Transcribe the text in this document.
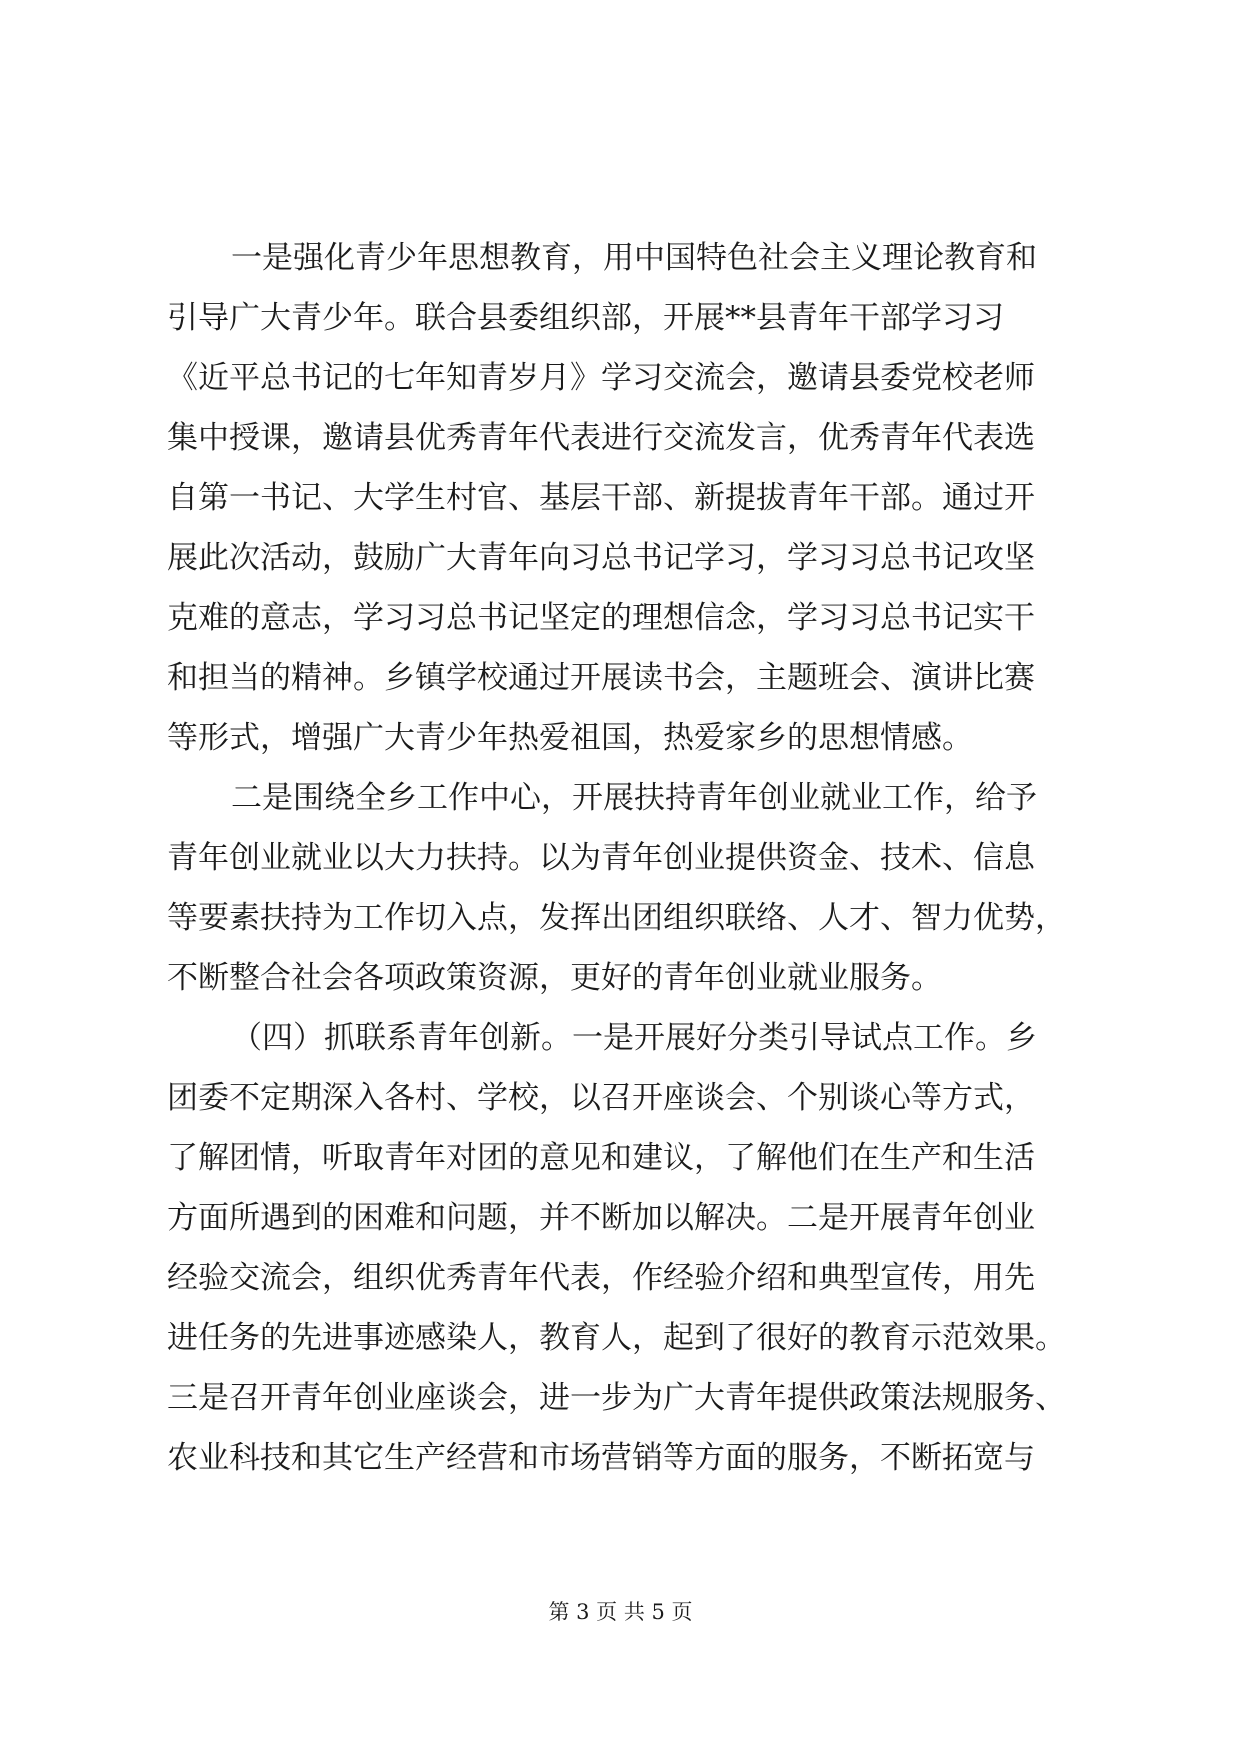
一是强化青少年思想教育，用中国特色社会主义理论教育和
引导广大青少年。联合县委组织部，开展**县青年干部学习习
《近平总书记的七年知青岁月》学习交流会，邀请县委党校老师
集中授课，邀请县优秀青年代表进行交流发言，优秀青年代表选
自第一书记、大学生村官、基层干部、新提拔青年干部。通过开
展此次活动，鼓励广大青年向习总书记学习，学习习总书记攻坚
克难的意志，学习习总书记坚定的理想信念，学习习总书记实干
和担当的精神。乡镇学校通过开展读书会，主题班会、演讲比赛
等形式，增强广大青少年热爱祖国，热爱家乡的思想情感。
二是围绕全乡工作中心，开展扶持青年创业就业工作，给予
青年创业就业以大力扶持。以为青年创业提供资金、技术、信息
等要素扶持为工作切入点，发挥出团组织联络、人才、智力优势，
不断整合社会各项政策资源，更好的青年创业就业服务。
（四）抓联系青年创新。一是开展好分类引导试点工作。乡
团委不定期深入各村、学校，以召开座谈会、个别谈心等方式，
了解团情，听取青年对团的意见和建议，了解他们在生产和生活
方面所遇到的困难和问题，并不断加以解决。二是开展青年创业
经验交流会，组织优秀青年代表，作经验介绍和典型宣传，用先
进任务的先进事迹感染人，教育人，起到了很好的教育示范效果。
三是召开青年创业座谈会，进一步为广大青年提供政策法规服务、
农业科技和其它生产经营和市场营销等方面的服务，不断拓宽与
第 3 页 共 5 页
